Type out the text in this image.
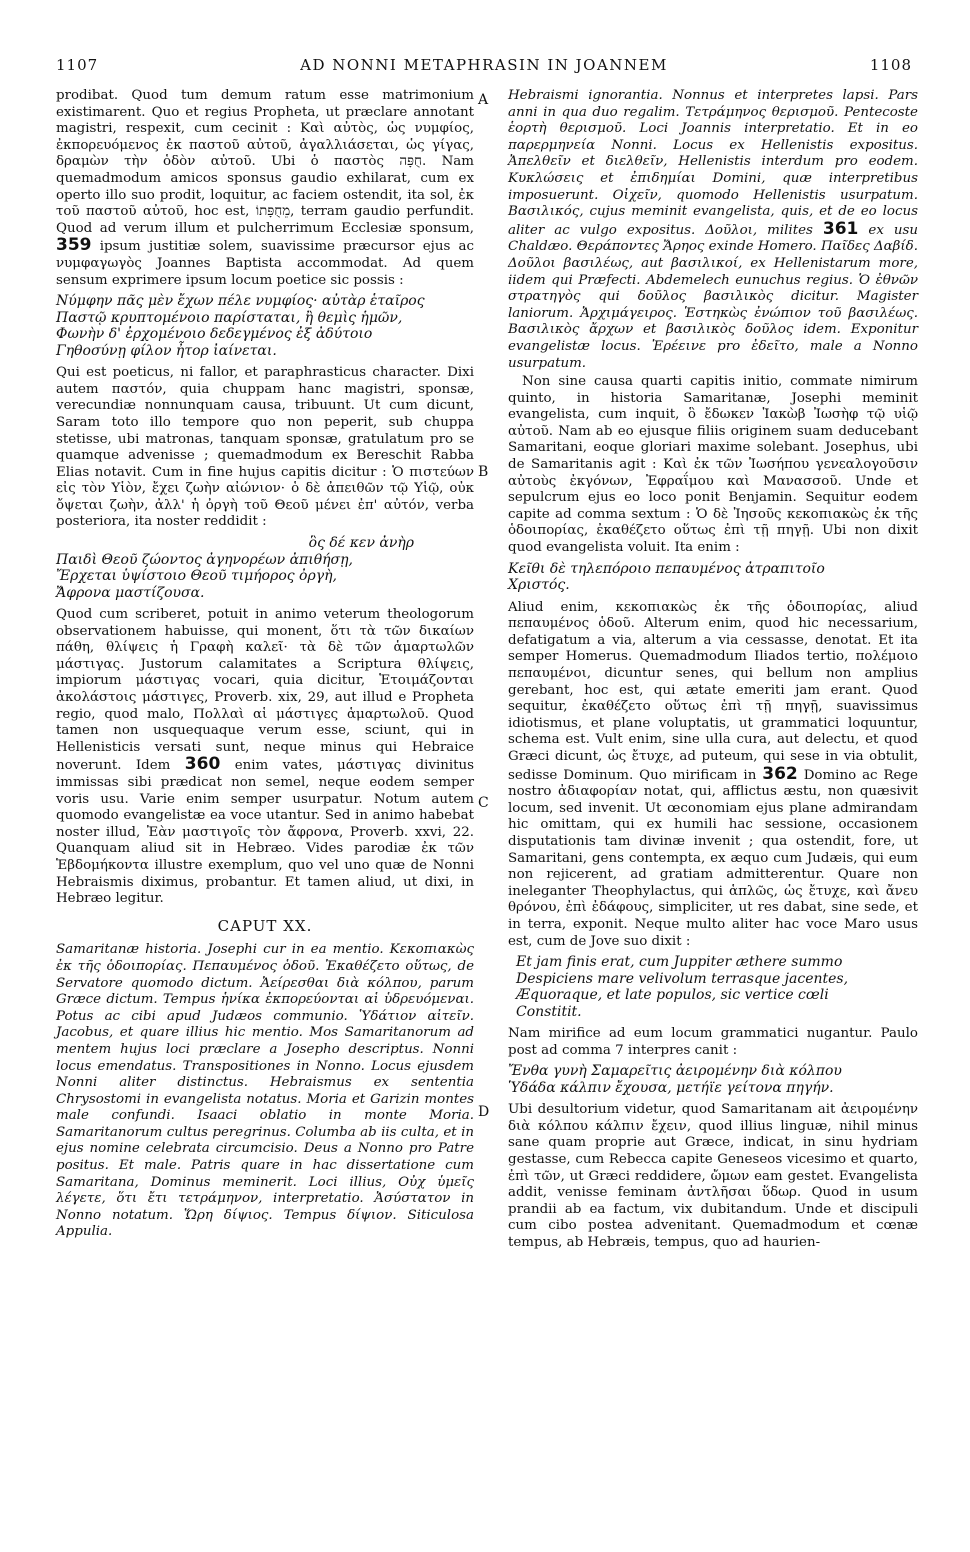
1107	AD NONNI METAPHRASIN IN JOANNEM	1108
A
B
C
D

prodibat. Quod tum demum ratum esse matrimonium existimarent. Quo et regius Propheta, ut præclare annotant magistri, respexit, cum cecinit : Καὶ αὐτὸς, ὡς νυμφίος, ἐκπορευόμενος ἐκ παστοῦ αὐτοῦ, ἀγαλλιάσεται, ὡς γίγας, δραμὼν τὴν ὁδὸν αὐτοῦ. Ubi ὁ παστὸς חֻפָּה. Nam quemadmodum amicos sponsus gaudio exhilarat, cum ex operto illo suo prodit, loquitur, ac faciem ostendit, ita sol, ἐκ τοῦ παστοῦ αὐτοῦ, hoc est, מֵחֻפָּתוֹ, terram gaudio perfundit. Quod ad verum illum et pulcherrimum Ecclesiæ sponsum, 359 ipsum justitiæ solem, suavissime præcursor ejus ac νυμφαγωγὸς Joannes Baptista accommodat. Ad quem sensum exprimere ipsum locum poetice sic possis :

Νύμφην πᾶς μὲν ἔχων πέλε νυμφίος· αὐτὰρ ἑταῖρος
Παστῷ κρυπτομένοιο παρίσταται, ἢ θεμὶς ἡμῶν,
Φωνὴν δ' ἐρχομένοιο δεδεγμένος ἐξ ἀδύτοιο
Γηθοσύνῃ φίλον ἦτορ ἰαίνεται.

Qui est poeticus, ni fallor, et paraphrasticus character. Dixi autem παστόν, quia chuppam hanc magistri, sponsæ, verecundiæ nonnunquam causa, tribuunt. Ut cum dicunt, Saram toto illo tempore quo non peperit, sub chuppa stetisse, ubi matronas, tanquam sponsæ, gratulatum pro se quamque advenisse ; quemadmodum ex Bereschit Rabba Elias notavit. Cum in fine hujus capitis dicitur : Ὁ πιστεύων εἰς τὸν Υἱὸν, ἔχει ζωὴν αἰώνιον· ὁ δὲ ἀπειθῶν τῷ Υἱῷ, οὐκ ὄψεται ζωὴν, ἀλλ' ἡ ὀργὴ τοῦ Θεοῦ μένει ἐπ' αὐτόν, verba posteriora, ita noster reddidit :

ὃς δέ κεν ἀνὴρ
Παιδὶ Θεοῦ ζώοντος ἀγηνορέων ἀπιθήσῃ,
Ἔρχεται ὑψίστοιο Θεοῦ τιμήορος ὀργὴ,
Ἄφρονα μαστίζουσα.

Quod cum scriberet, potuit in animo veterum theologorum observationem habuisse, qui monent, ὅτι τὰ τῶν δικαίων πάθη, θλίψεις ἡ Γραφὴ καλεῖ· τὰ δὲ τῶν ἁμαρτωλῶν μάστιγας. Justorum calamitates a Scriptura θλίψεις, impiorum μάστιγας vocari, quia dicitur, Ἑτοιμάζονται ἀκολάστοις μάστιγες, Proverb. xix, 29, aut illud e Propheta regio, quod malo, Πολλαὶ αἱ μάστιγες ἁμαρτωλοῦ. Quod tamen non usquequaque verum esse, sciunt, qui in Hellenisticis versati sunt, neque minus qui Hebraice noverunt. Idem 360 enim vates, μάστιγας divinitus immissas sibi prædicat non semel, neque eodem semper voris usu. Varie enim semper usurpatur. Notum autem quomodo evangelistæ ea voce utantur. Sed in animo habebat noster illud, Ἐὰν μαστιγοῖς τὸν ἄφρονα, Proverb. xxvi, 22. Quanquam aliud sit in Hebræo. Vides parodiæ ἐκ τῶν Ἑβδομήκοντα illustre exemplum, quo vel uno quæ de Nonni Hebraismis diximus, probantur. Et tamen aliud, ut dixi, in Hebræo legitur.

CAPUT XX.

Samaritanæ historia. Josephi cur in ea mentio. Κεκοπιακὼς ἐκ τῆς ὁδοιπορίας. Πεπαυμένος ὁδοῦ. Ἐκαθέζετο οὕτως, de Servatore quomodo dictum. Ἀείρεσθαι διὰ κόλπου, parum Græce dictum. Tempus ἡνίκα ἐκπορεύονται αἱ ὑδρευόμεναι. Potus ac cibi apud Judæos communio. Ὑδάτιον αἰτεῖν. Jacobus, et quare illius hic mentio. Mos Samaritanorum ad mentem hujus loci præclare a Josepho descriptus. Nonni locus emendatus. Transpositiones in Nonno. Locus ejusdem Nonni aliter distinctus. Hebraismus ex sententia Chrysostomi in evangelista notatus. Moria et Garizin montes male confundi. Isaaci oblatio in monte Moria. Samaritanorum cultus peregrinus. Columba ab iis culta, et in ejus nomine celebrata circumcisio. Deus a Nonno pro Patre positus. Et male. Patris quare in hac dissertatione cum Samaritana, Dominus meminerit. Loci illius, Οὐχ ὑμεῖς λέγετε, ὅτι ἔτι τετράμηνον, interpretatio. Ἀσύστατον in Nonno notatum. Ὥρη δίψιος. Tempus δίψιον. Siticulosa Appulia.

Hebraismi ignorantia. Nonnus et interpretes lapsi. Pars anni in qua duo regalim. Τετράμηνος θερισμοῦ. Pentecoste ἑορτὴ θερισμοῦ. Loci Joannis interpretatio. Et in eo παρερμηνεία Nonni. Locus ex Hellenistis expositus. Ἀπελθεῖν et διελθεῖν, Hellenistis interdum pro eodem. Κυκλώσεις et ἐπιδημίαι Domini, quæ interpretibus imposuerunt. Οἰχεῖν, quomodo Hellenistis usurpatum. Βασιλικός, cujus meminit evangelista, quis, et de eo locus aliter ac vulgo expositus. Δοῦλοι, milites 361 ex usu Chaldæo. Θεράποντες Ἄρηος exinde Homero. Παῖδες Δαβίδ. Δοῦλοι βασιλέως, aut βασιλικοί, ex Hellenistarum more, iidem qui Præfecti. Abdemelech eunuchus regius. Ὁ ἐθνῶν στρατηγὸς qui δοῦλος βασιλικὸς dicitur. Magister laniorum. Ἀρχιμάγειρος. Ἑστηκὼς ἐνώπιον τοῦ βασιλέως. Βασιλικὸς ἄρχων et βασιλικὸς δοῦλος idem. Exponitur evangelistæ locus. Ἐρέεινε pro ἐδεῖτο, male a Nonno usurpatum.

Non sine causa quarti capitis initio, commate nimirum quinto, in historia Samaritanæ, Josephi meminit evangelista, cum inquit, ὃ ἔδωκεν Ἰακὼβ Ἰωσὴφ τῷ υἱῷ αὐτοῦ. Nam ab eo ejusque filiis originem suam deducebant Samaritani, eoque gloriari maxime solebant. Josephus, ubi de Samaritanis agit : Καὶ ἐκ τῶν Ἰωσήπου γενεαλογοῦσιν αὐτοὺς ἐκγόνων, Ἐφραΐμου καὶ Μανασσοῦ. Unde et sepulcrum ejus eo loco ponit Benjamin. Sequitur eodem capite ad comma sextum : Ὁ δὲ Ἰησοῦς κεκοπιακὼς ἐκ τῆς ὁδοιπορίας, ἐκαθέζετο οὕτως ἐπὶ τῇ πηγῇ. Ubi non dixit quod evangelista voluit. Ita enim :

Κεῖθι δὲ τηλεπόροιο πεπαυμένος ἀτραπιτοῖο
Χριστός.

Aliud enim, κεκοπιακὼς ἐκ τῆς ὁδοιπορίας, aliud πεπαυμένος ὁδοῦ. Alterum enim, quod hic necessarium, defatigatum a via, alterum a via cessasse, denotat. Et ita semper Homerus. Quemadmodum Iliados tertio, πολέμοιο πεπαυμένοι, dicuntur senes, qui bellum non amplius gerebant, hoc est, qui ætate emeriti jam erant. Quod sequitur, ἐκαθέζετο οὕτως ἐπὶ τῇ πηγῇ, suavissimus idiotismus, et plane voluptatis, ut grammatici loquuntur, schema est. Vult enim, sine ulla cura, aut delectu, et quod Græci dicunt, ὡς ἔτυχε, ad puteum, qui sese in via obtulit, sedisse Dominum. Quo mirificam in 362 Domino ac Rege nostro ἀδιαφορίαν notat, qui, afflictus æstu, non quæsivit locum, sed invenit. Ut œconomiam ejus plane admirandam hic omittam, qui ex humili hac sessione, occasionem disputationis tam divinæ invenit ; qua ostendit, fore, ut Samaritani, gens contempta, ex æquo cum Judæis, qui eum non rejicerent, ad gratiam admitterentur. Quare non ineleganter Theophylactus, qui ἁπλῶς, ὡς ἔτυχε, καὶ ἄνευ θρόνου, ἐπὶ ἐδάφους, simpliciter, ut res dabat, sine sede, et in terra, exponit. Neque multo aliter hac voce Maro usus est, cum de Jove suo dixit :

Et jam finis erat, cum Juppiter æthere summo
Despiciens mare velivolum terrasque jacentes,
Æquoraque, et late populos, sic vertice cœli
Constitit.

Nam mirifice ad eum locum grammatici nugantur. Paulo post ad comma 7 interpres canit :

Ἔνθα γυνὴ Σαμαρεῖτις ἀειρομένην διὰ κόλπου
Ὑδάδα κάλπιν ἔχουσα, μετήϊε γείτονα πηγήν.

Ubi desultorium videtur, quod Samaritanam ait ἀειρομένην διὰ κόλπου κάλπιν ἔχειν, quod illius linguæ, nihil minus sane quam proprie aut Græce, indicat, in sinu hydriam gestasse, cum Rebecca capite Geneseos vicesimo et quarto, ἐπὶ τῶν, ut Græci reddidere, ὤμων eam gestet. Evangelista addit, venisse feminam ἀντλῆσαι ὕδωρ. Quod in usum prandii ab ea factum, vix dubitandum. Unde et discipuli cum cibo postea advenitant. Quemadmodum et cœnæ tempus, ab Hebræis, tempus, quo ad haurien-
